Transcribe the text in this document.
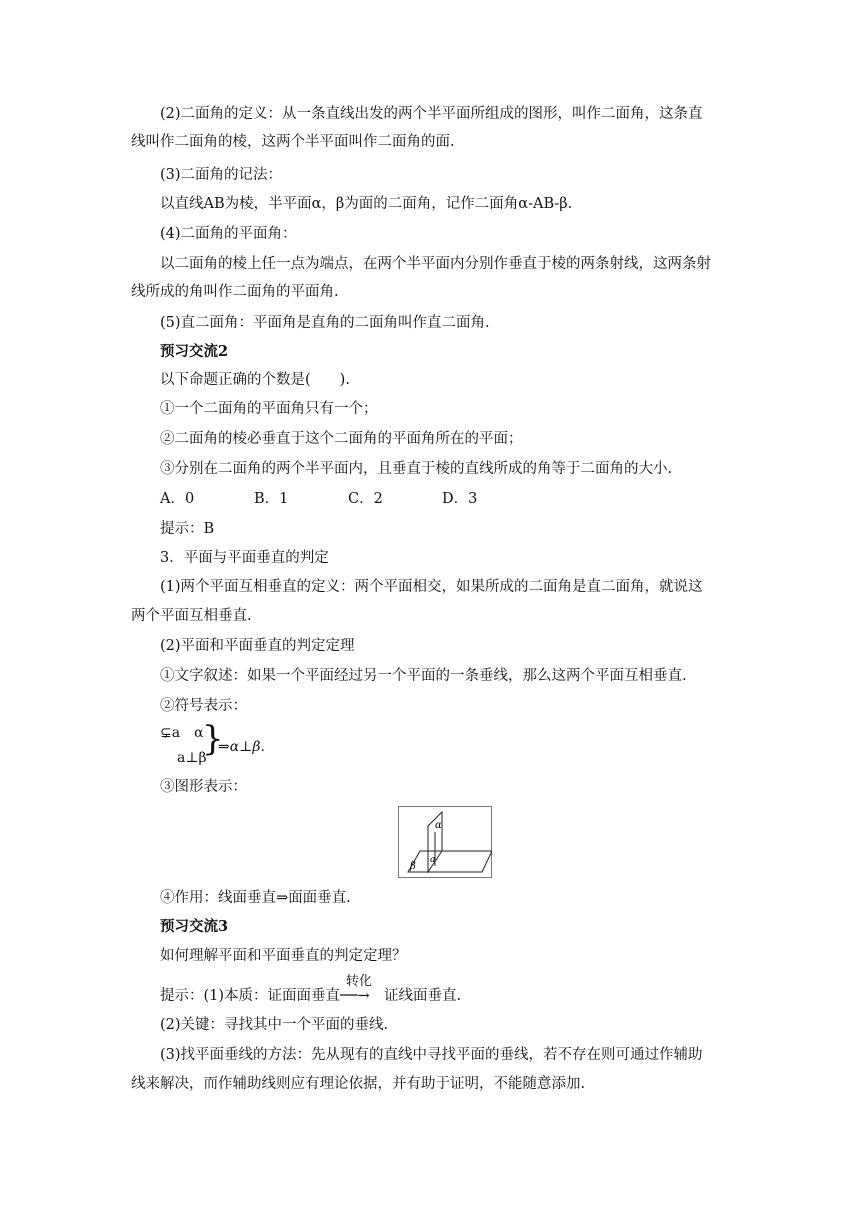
(2)二面角的定义：从一条直线出发的两个半平面所组成的图形，叫作二面角，这条直
线叫作二面角的棱，这两个半平面叫作二面角的面.
(3)二面角的记法：
以直线AB为棱，半平面α，β为面的二面角，记作二面角α-AB-β.
(4)二面角的平面角：
以二面角的棱上任一点为端点，在两个半平面内分别作垂直于棱的两条射线，这两条射
线所成的角叫作二面角的平面角.
(5)直二面角：平面角是直角的二面角叫作直二面角.
预习交流2
以下命题正确的个数是(　　).
①一个二面角的平面角只有一个；
②二面角的棱必垂直于这个二面角的平面角所在的平面；
③分别在二面角的两个半平面内，且垂直于棱的直线所成的角等于二面角的大小.
A．0	B．1	C．2	D．3
提示：B
3．平面与平面垂直的判定
(1)两个平面互相垂直的定义：两个平面相交，如果所成的二面角是直二面角，就说这
两个平面互相垂直.
(2)平面和平面垂直的判定定理
①文字叙述：如果一个平面经过另一个平面的一条垂线，那么这两个平面互相垂直.
②符号表示：
⊊a　α
a⊥β
}
⇒α⊥β.
③图形表示：
α
β
a
④作用：线面垂直⇒面面垂直.
预习交流3
如何理解平面和平面垂直的判定定理？
提示：(1)本质：证面面垂直
转化
──→ 证线面垂直.
(2)关键：寻找其中一个平面的垂线.
(3)找平面垂线的方法：先从现有的直线中寻找平面的垂线，若不存在则可通过作辅助
线来解决，而作辅助线则应有理论依据，并有助于证明，不能随意添加.
